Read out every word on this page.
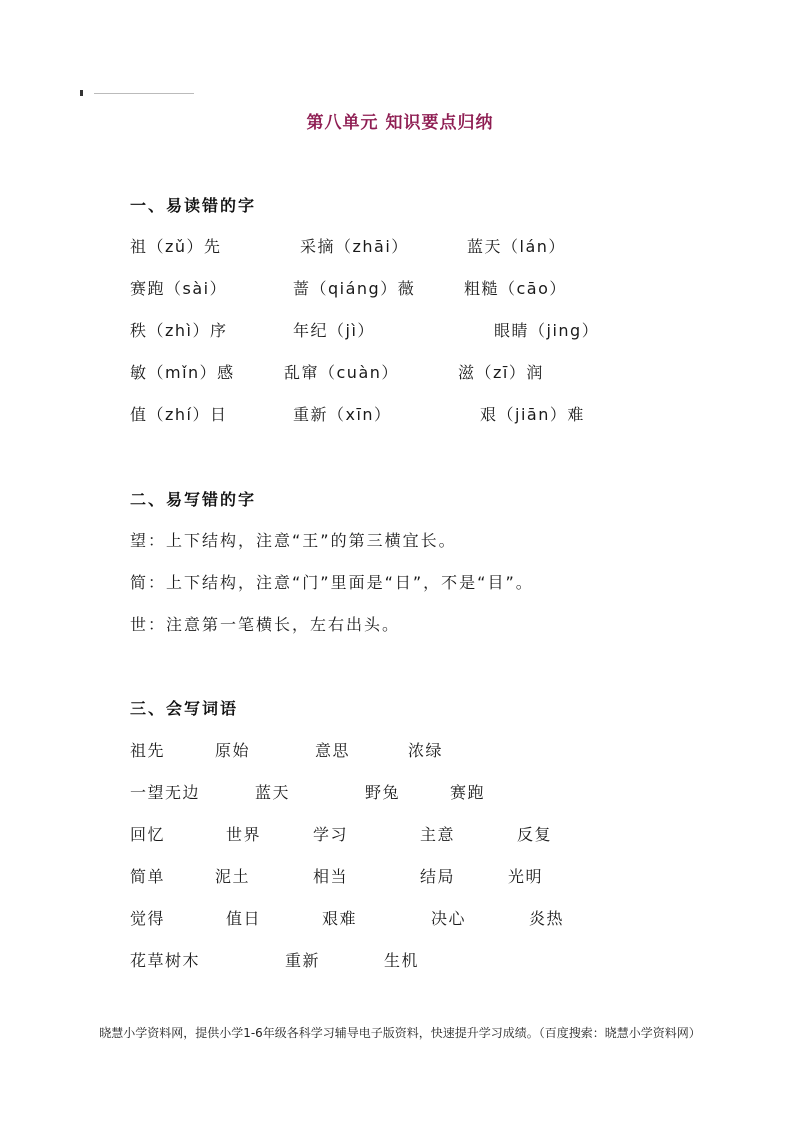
第八单元 知识要点归纳
一、易读错的字
祖（zǔ）先	采摘（zhāi）	蓝天（lán）
赛跑（sài）	蔷（qiáng）薇	粗糙（cāo）
秩（zhì）序	年纪（jì）	眼睛（jing）
敏（mǐn）感	乱窜（cuàn）	滋（zī）润
值（zhí）日	重新（xīn）	艰（jiān）难
二、易写错的字
望：上下结构，注意“王”的第三横宜长。
简：上下结构，注意“门”里面是“日”，不是“目”。
世：注意第一笔横长，左右出头。
三、会写词语
祖先	原始	意思	浓绿
一望无边	蓝天	野兔	赛跑
回忆	世界	学习	主意	反复
简单	泥土	相当	结局	光明
觉得	值日	艰难	决心	炎热
花草树木	重新	生机
晓慧小学资料网，提供小学1-6年级各科学习辅导电子版资料，快速提升学习成绩。（百度搜索：晓慧小学资料网）
